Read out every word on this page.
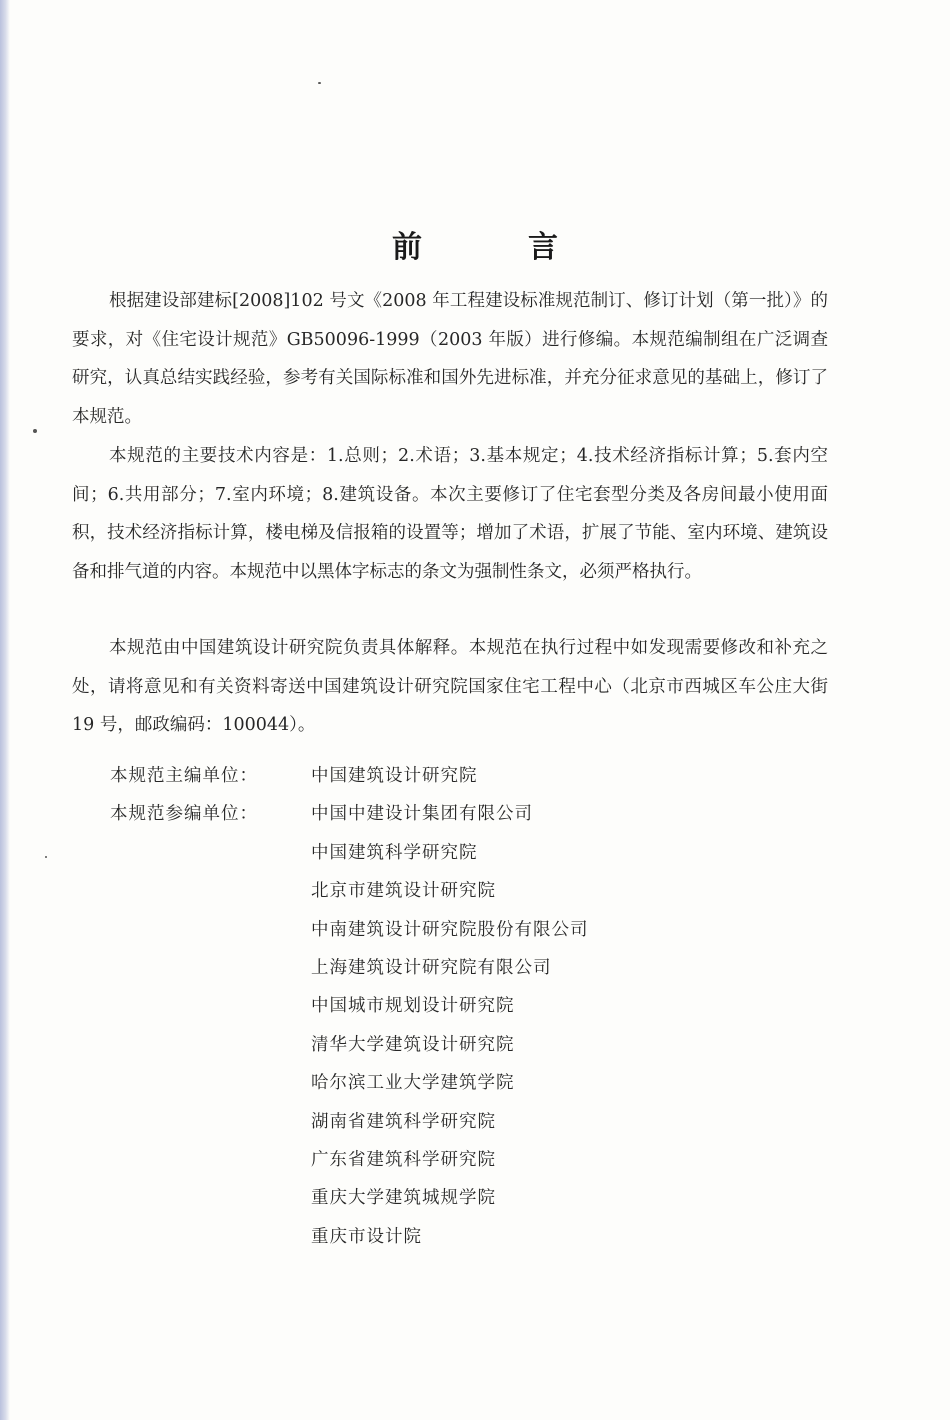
前　言

根据建设部建标[2008]102 号文《2008 年工程建设标准规范制订、修订计划（第一批）》的要求，对《住宅设计规范》GB50096-1999（2003 年版）进行修编。本规范编制组在广泛调查研究，认真总结实践经验，参考有关国际标准和国外先进标准，并充分征求意见的基础上，修订了本规范。

本规范的主要技术内容是：1.总则；2.术语；3.基本规定；4.技术经济指标计算；5.套内空间；6.共用部分；7.室内环境；8.建筑设备。本次主要修订了住宅套型分类及各房间最小使用面积，技术经济指标计算，楼电梯及信报箱的设置等；增加了术语，扩展了节能、室内环境、建筑设备和排气道的内容。本规范中以黑体字标志的条文为强制性条文，必须严格执行。

本规范由中国建筑设计研究院负责具体解释。本规范在执行过程中如发现需要修改和补充之处，请将意见和有关资料寄送中国建筑设计研究院国家住宅工程中心（北京市西城区车公庄大街 19 号，邮政编码：100044）。

本规范主编单位：	中国建筑设计研究院
本规范参编单位：	中国中建设计集团有限公司
中国建筑科学研究院
北京市建筑设计研究院
中南建筑设计研究院股份有限公司
上海建筑设计研究院有限公司
中国城市规划设计研究院
清华大学建筑设计研究院
哈尔滨工业大学建筑学院
湖南省建筑科学研究院
广东省建筑科学研究院
重庆大学建筑城规学院
重庆市设计院
